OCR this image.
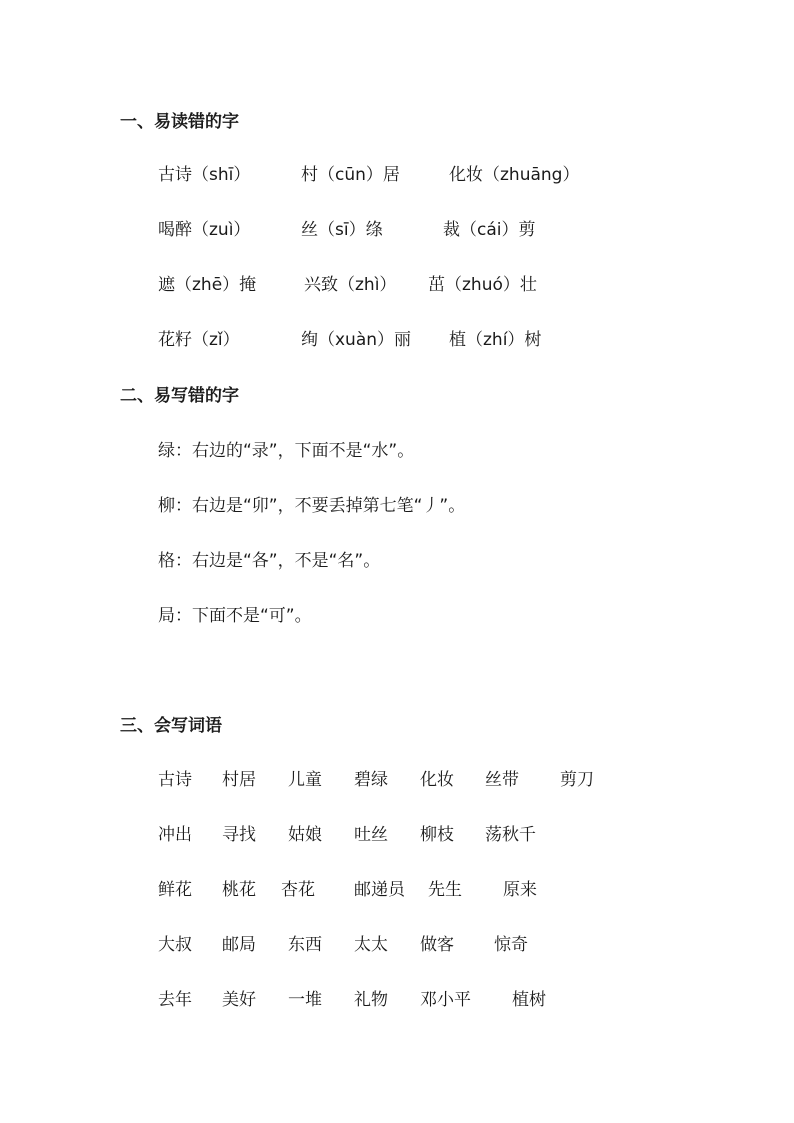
一、易读错的字
古诗（shī）	村（cūn）居	化妆（zhuāng）
喝醉（zuì）	丝（sī）绦	裁（cái）剪
遮（zhē）掩	兴致（zhì） 茁（zhuó）壮
花籽（zǐ）	绚（xuàn）丽 植（zhí）树
二、易写错的字
绿：右边的“录”，下面不是“水”。
柳：右边是“卯”，不要丢掉第七笔“丿”。
格：右边是“各”，不是“名”。
局：下面不是“可”。
三、会写词语
古诗 村居 儿童 碧绿 化妆 丝带 剪刀
冲出 寻找 姑娘 吐丝 柳枝 荡秋千
鲜花 桃花 杏花 邮递员 先生 原来
大叔 邮局 东西 太太 做客 惊奇
去年 美好 一堆 礼物 邓小平 植树
